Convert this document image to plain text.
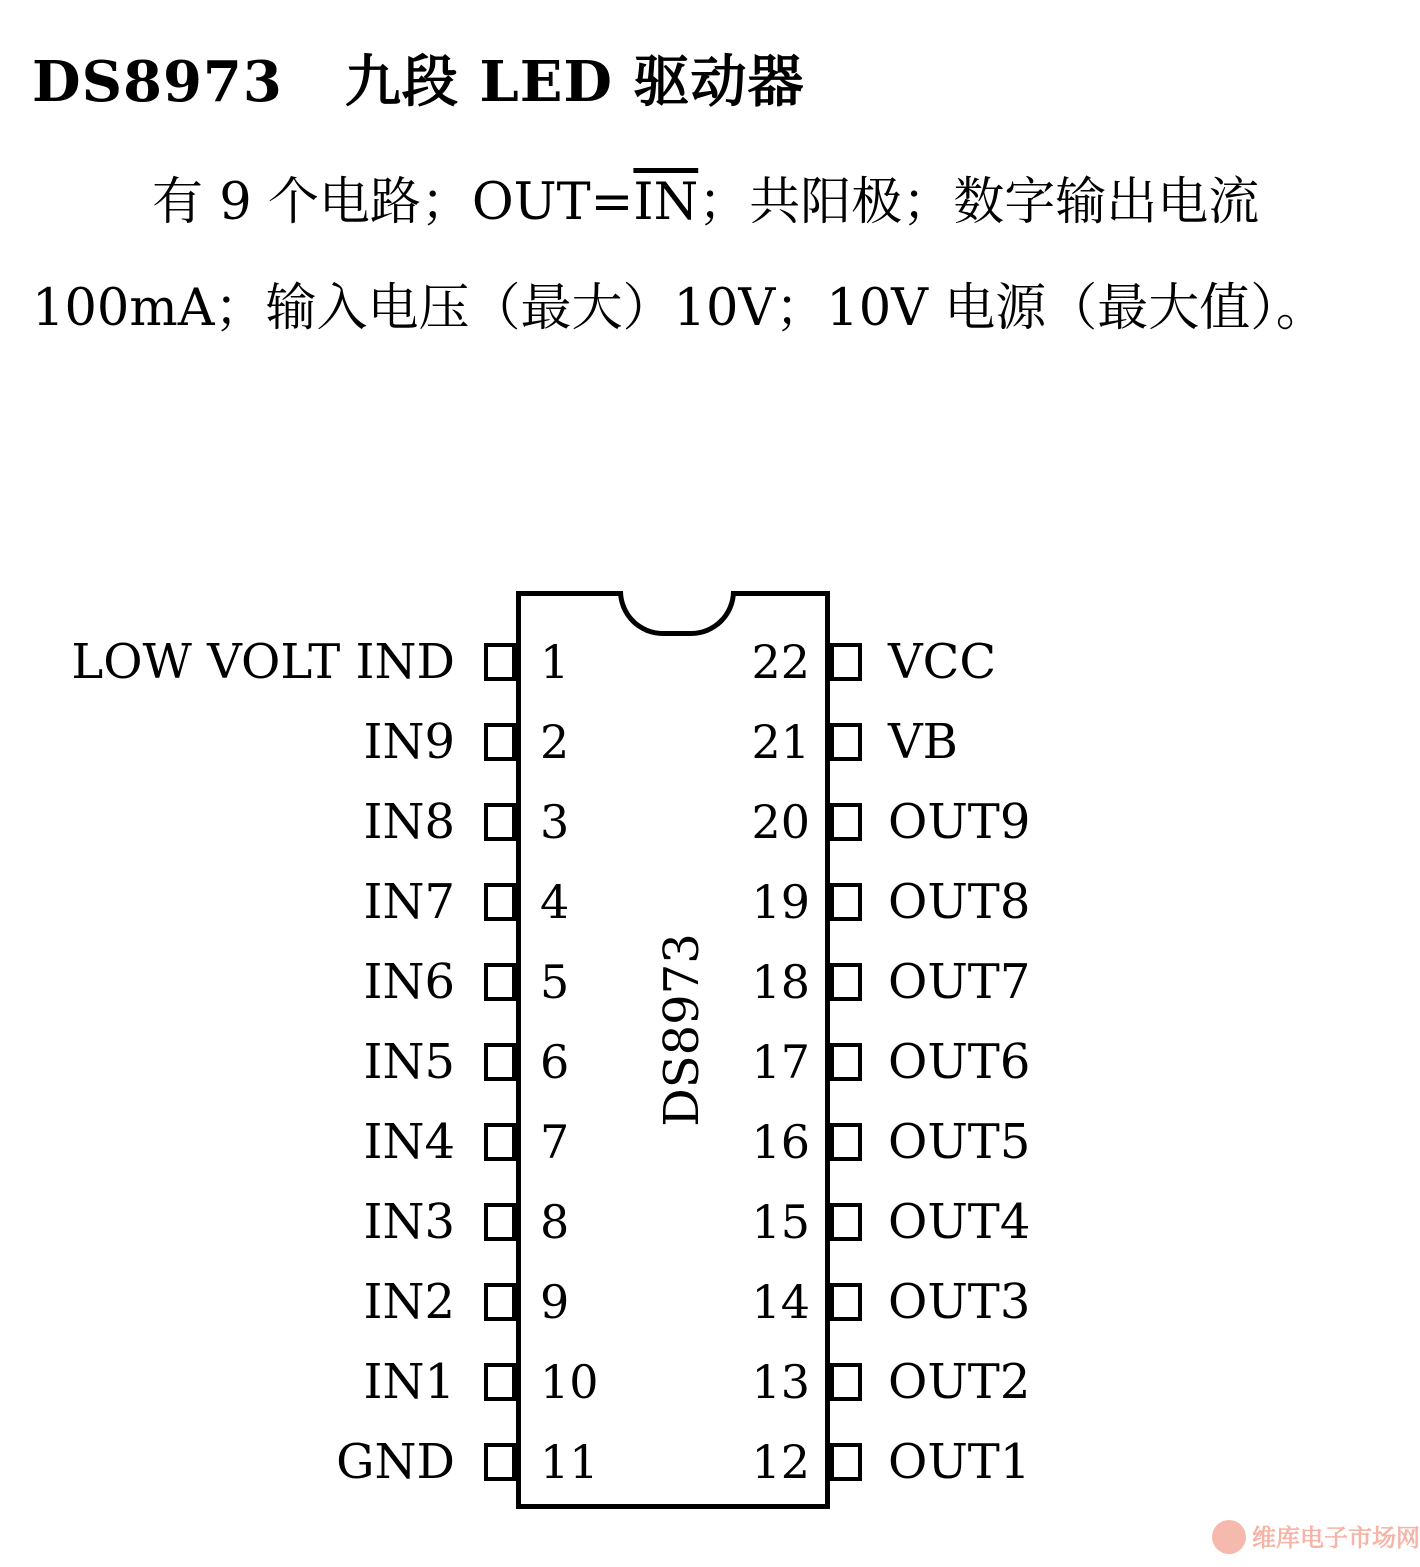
DS8973 九段 LED 驱动器

有 9 个电路；$OUT=\overline{IN}$；共阳极；数字输出电流 100mA；输入电压（最大）10V；10V 电源（最大值）。

DS8973
1
LOW VOLT IND
2
IN9
3
IN8
4
IN7
5
IN6
6
IN5
7
IN4
8
IN3
9
IN2
10
IN1
11
GND
22 VCC
21 VB
20 OUT9
19 OUT8
18 OUT7
17 OUT6
16 OUT5
15 OUT4
14 OUT3
13 OUT2
12 OUT1
维库电子市场网
